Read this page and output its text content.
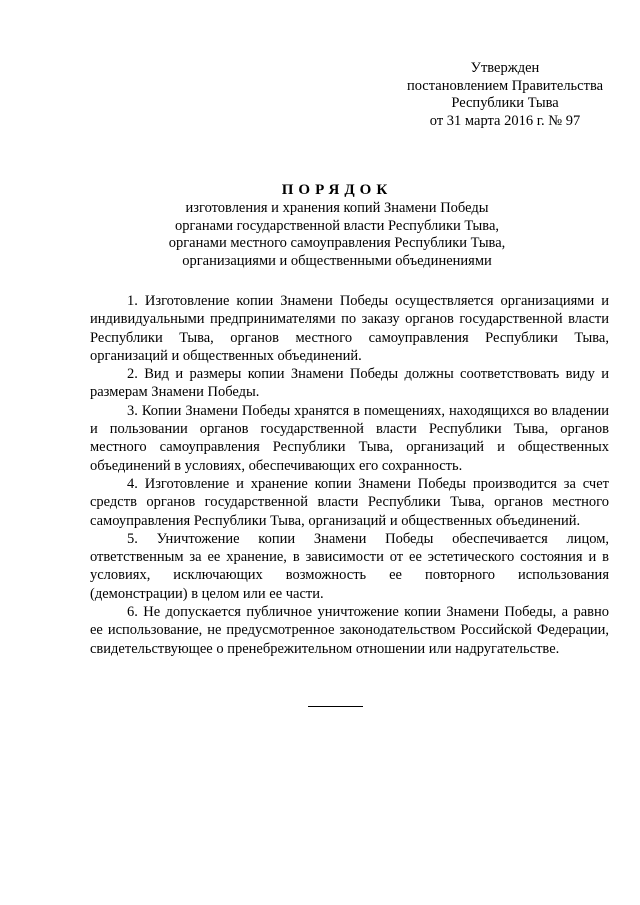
Утвержден
постановлением Правительства
Республики Тыва
от 31 марта 2016 г. № 97

ПОРЯДОК

изготовления и хранения копий Знамени Победы
органами государственной власти Республики Тыва,
органами местного самоуправления Республики Тыва,
организациями и общественными объединениями

1. Изготовление копии Знамени Победы осуществляется организациями и индивидуальными предпринимателями по заказу органов государственной власти Республики Тыва, органов местного самоуправления Республики Тыва, организаций и общественных объединений.

2. Вид и размеры копии Знамени Победы должны соответствовать виду и размерам Знамени Победы.

3. Копии Знамени Победы хранятся в помещениях, находящихся во владении и пользовании органов государственной власти Республики Тыва, органов местного самоуправления Республики Тыва, организаций и общественных объединений в условиях, обеспечивающих его сохранность.

4. Изготовление и хранение копии Знамени Победы производится за счет средств органов государственной власти Республики Тыва, органов местного самоуправления Республики Тыва, организаций и общественных объединений.

5. Уничтожение копии Знамени Победы обеспечивается лицом, ответственным за ее хранение, в зависимости от ее эстетического состояния и в условиях, исключающих возможность ее повторного использования (демонстрации) в целом или ее части.

6. Не допускается публичное уничтожение копии Знамени Победы, а равно ее использование, не предусмотренное законодательством Российской Федерации, свидетельствующее о пренебрежительном отношении или надругательстве.
